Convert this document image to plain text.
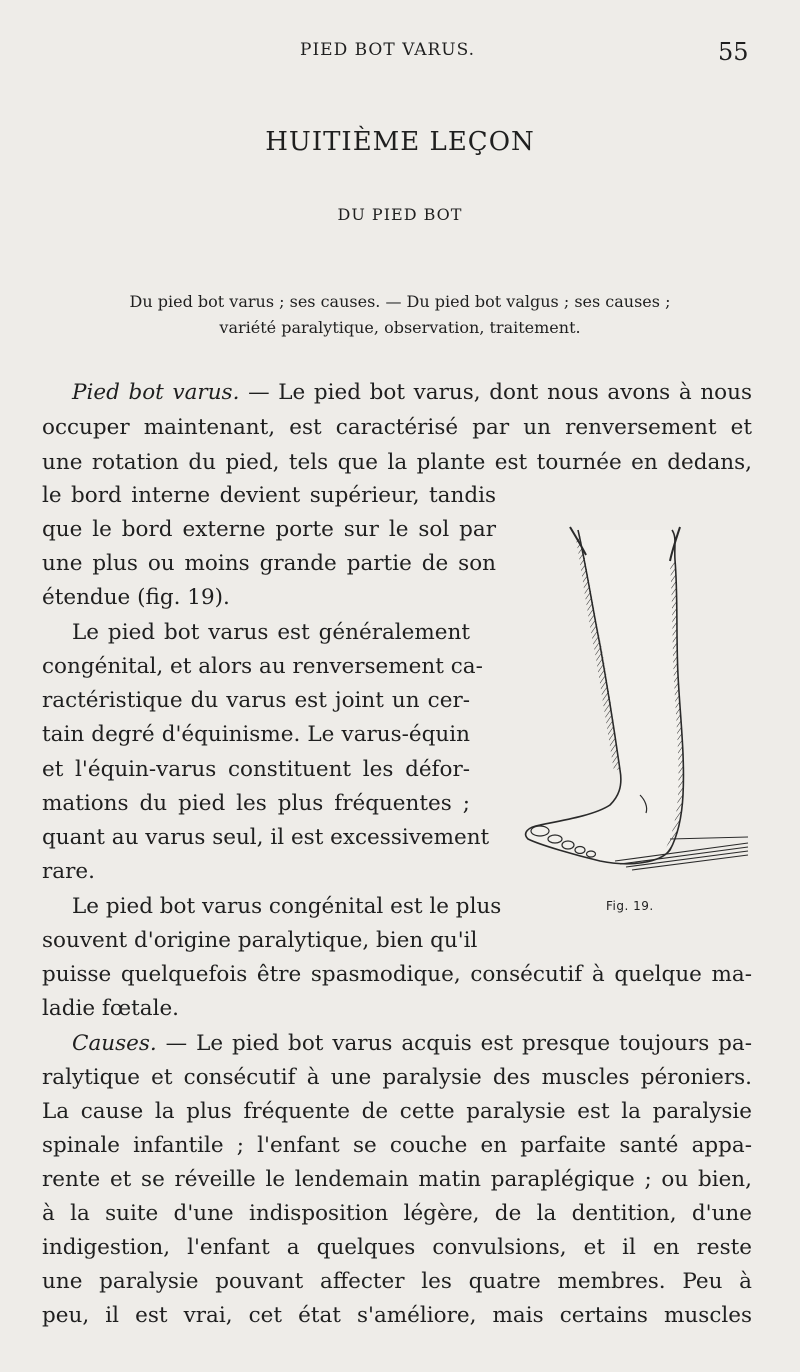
PIED BOT VARUS.	55
HUITIÈME LEÇON
DU PIED BOT
Du pied bot varus ; ses causes. — Du pied bot valgus ; ses causes ;
variété paralytique, observation, traitement.
Pied bot varus. — Le pied bot varus, dont nous avons à nous
occuper maintenant, est caractérisé par un renversement et
une rotation du pied, tels que la plante est tournée en dedans,
le bord interne devient supérieur, tandis
que le bord externe porte sur le sol par
une plus ou moins grande partie de son
étendue (fig. 19).
Le pied bot varus est généralement
congénital, et alors au renversement ca-
ractéristique du varus est joint un cer-
tain degré d'équinisme. Le varus-équin
et l'équin-varus constituent les défor-
mations du pied les plus fréquentes ;
quant au varus seul, il est excessivement
rare.
Le pied bot varus congénital est le plus
souvent d'origine paralytique, bien qu'il
puisse quelquefois être spasmodique, consécutif à quelque ma-
ladie fœtale.
Causes. — Le pied bot varus acquis est presque toujours pa-
ralytique et consécutif à une paralysie des muscles péroniers.
La cause la plus fréquente de cette paralysie est la paralysie
spinale infantile ; l'enfant se couche en parfaite santé appa-
rente et se réveille le lendemain matin paraplégique ; ou bien,
à la suite d'une indisposition légère, de la dentition, d'une
indigestion, l'enfant a quelques convulsions, et il en reste
une paralysie pouvant affecter les quatre membres. Peu à
peu, il est vrai, cet état s'améliore, mais certains muscles
Fig. 19.
